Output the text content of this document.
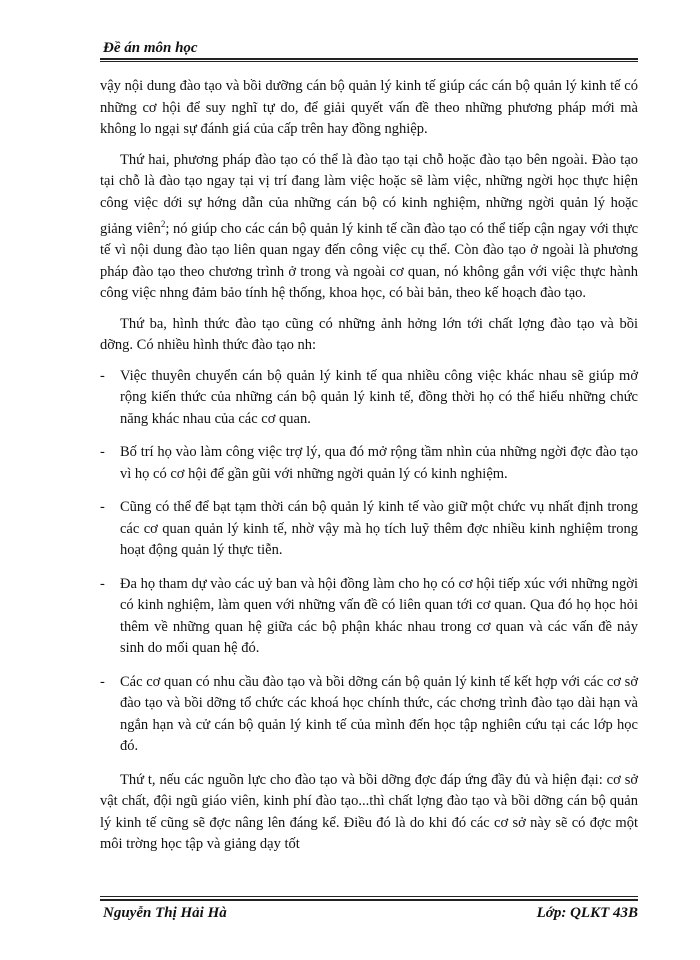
Đề án môn học

vậy nội dung đào tạo và bồi dưỡng cán bộ quản lý kinh tế giúp các cán bộ quản lý kinh tế có những cơ hội để suy nghĩ tự do, để giải quyết vấn đề theo những phương pháp mới mà không lo ngại sự đánh giá của cấp trên hay đồng nghiệp.

Thứ hai, phương pháp đào tạo có thể là đào tạo tại chỗ hoặc đào tạo bên ngoài. Đào tạo tại chỗ là đào tạo ngay tại vị trí đang làm việc hoặc sẽ làm việc, những ngời học thực hiện công việc dới sự hớng dẫn của những cán bộ có kinh nghiệm, những ngời quản lý hoặc giảng viên$^2$; nó giúp cho các cán bộ quản lý kinh tế cần đào tạo có thể tiếp cận ngay với thực tế vì nội dung đào tạo liên quan ngay đến công việc cụ thể. Còn đào tạo ở ngoài là phương pháp đào tạo theo chương trình ở trong và ngoài cơ quan, nó không gắn với việc thực hành công việc nhng đảm bảo tính hệ thống, khoa học, có bài bản, theo kế hoạch đào tạo.

Thứ ba, hình thức đào tạo cũng có những ảnh hởng lớn tới chất lợng đào tạo và bồi dỡng. Có nhiều hình thức đào tạo nh:

- Việc thuyên chuyển cán bộ quản lý kinh tế qua nhiều công việc khác nhau sẽ giúp mở rộng kiến thức của những cán bộ quản lý kinh tế, đồng thời họ có thể hiểu những chức năng khác nhau của các cơ quan.
- Bố trí họ vào làm công việc trợ lý, qua đó mở rộng tầm nhìn của những ngời đợc đào tạo vì họ có cơ hội để gần gũi với những ngời quản lý có kinh nghiệm.
- Cũng có thể để bạt tạm thời cán bộ quản lý kinh tế vào giữ một chức vụ nhất định trong các cơ quan quản lý kinh tế, nhờ vậy mà họ tích luỹ thêm đợc nhiều kinh nghiệm trong hoạt động quản lý thực tiễn.
- Đa họ tham dự vào các uỷ ban và hội đồng làm cho họ có cơ hội tiếp xúc với những ngời có kinh nghiệm, làm quen với những vấn đề có liên quan tới cơ quan. Qua đó họ học hỏi thêm về những quan hệ giữa các bộ phận khác nhau trong cơ quan và các vấn đề nảy sinh do mối quan hệ đó.
- Các cơ quan có nhu cầu đào tạo và bồi dỡng cán bộ quản lý kinh tế kết hợp với các cơ sở đào tạo và bồi dỡng tổ chức các khoá học chính thức, các chơng trình đào tạo dài hạn và ngắn hạn và cử cán bộ quản lý kinh tế của mình đến học tập nghiên cứu tại các lớp học đó.

Thứ t, nếu các nguồn lực cho đào tạo và bồi dỡng đợc đáp ứng đầy đủ và hiện đại: cơ sở vật chất, đội ngũ giáo viên, kinh phí đào tạo...thì chất lợng đào tạo và bồi dỡng cán bộ quản lý kinh tế cũng sẽ đợc nâng lên đáng kể. Điều đó là do khi đó các cơ sở này sẽ có đợc một môi trờng học tập và giảng dạy tốt

Nguyễn Thị Hải Hà	Lớp: QLKT 43B
